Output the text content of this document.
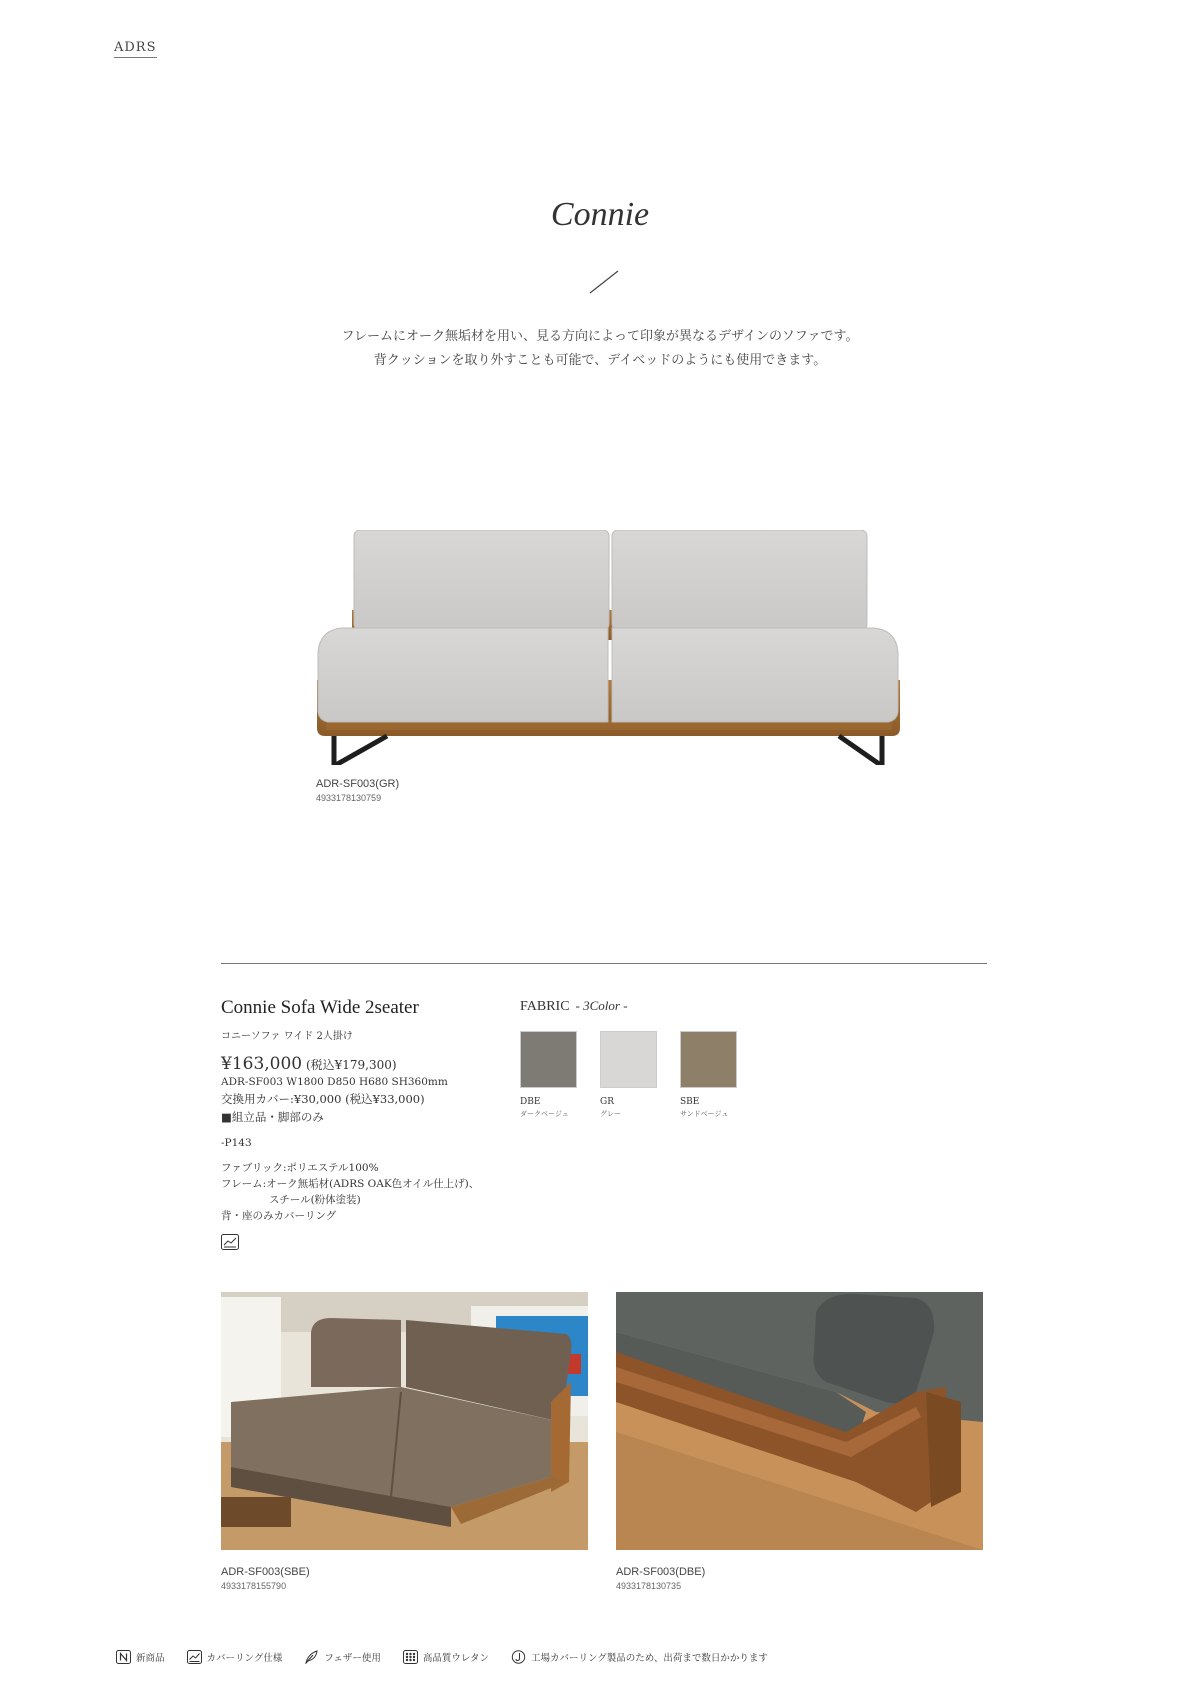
ADRS
Connie
フレームにオーク無垢材を用い、見る方向によって印象が異なるデザインのソファです。
背クッションを取り外すことも可能で、デイベッドのようにも使用できます。
ADR-SF003(GR)
4933178130759
Connie Sofa Wide 2seater
コニーソファ ワイド 2人掛け
¥163,000 (税込¥179,300)
ADR-SF003 W1800 D850 H680 SH360mm
交換用カバー:¥30,000 (税込¥33,000)
■組立品・脚部のみ
-P143
ファブリック:ポリエステル100%
フレーム:オーク無垢材(ADRS OAK色オイル仕上げ)、
スチール(粉体塗装)
背・座のみカバーリング
FABRIC - 3Color -
DBE
ダークベージュ
GR
グレー
SBE
サンドベージュ
ADR-SF003(SBE)
4933178155790
ADR-SF003(DBE)
4933178130735
新商品	カバーリング仕様	フェザー使用	高品質ウレタン	工場カバーリング製品のため、出荷まで数日かかります
